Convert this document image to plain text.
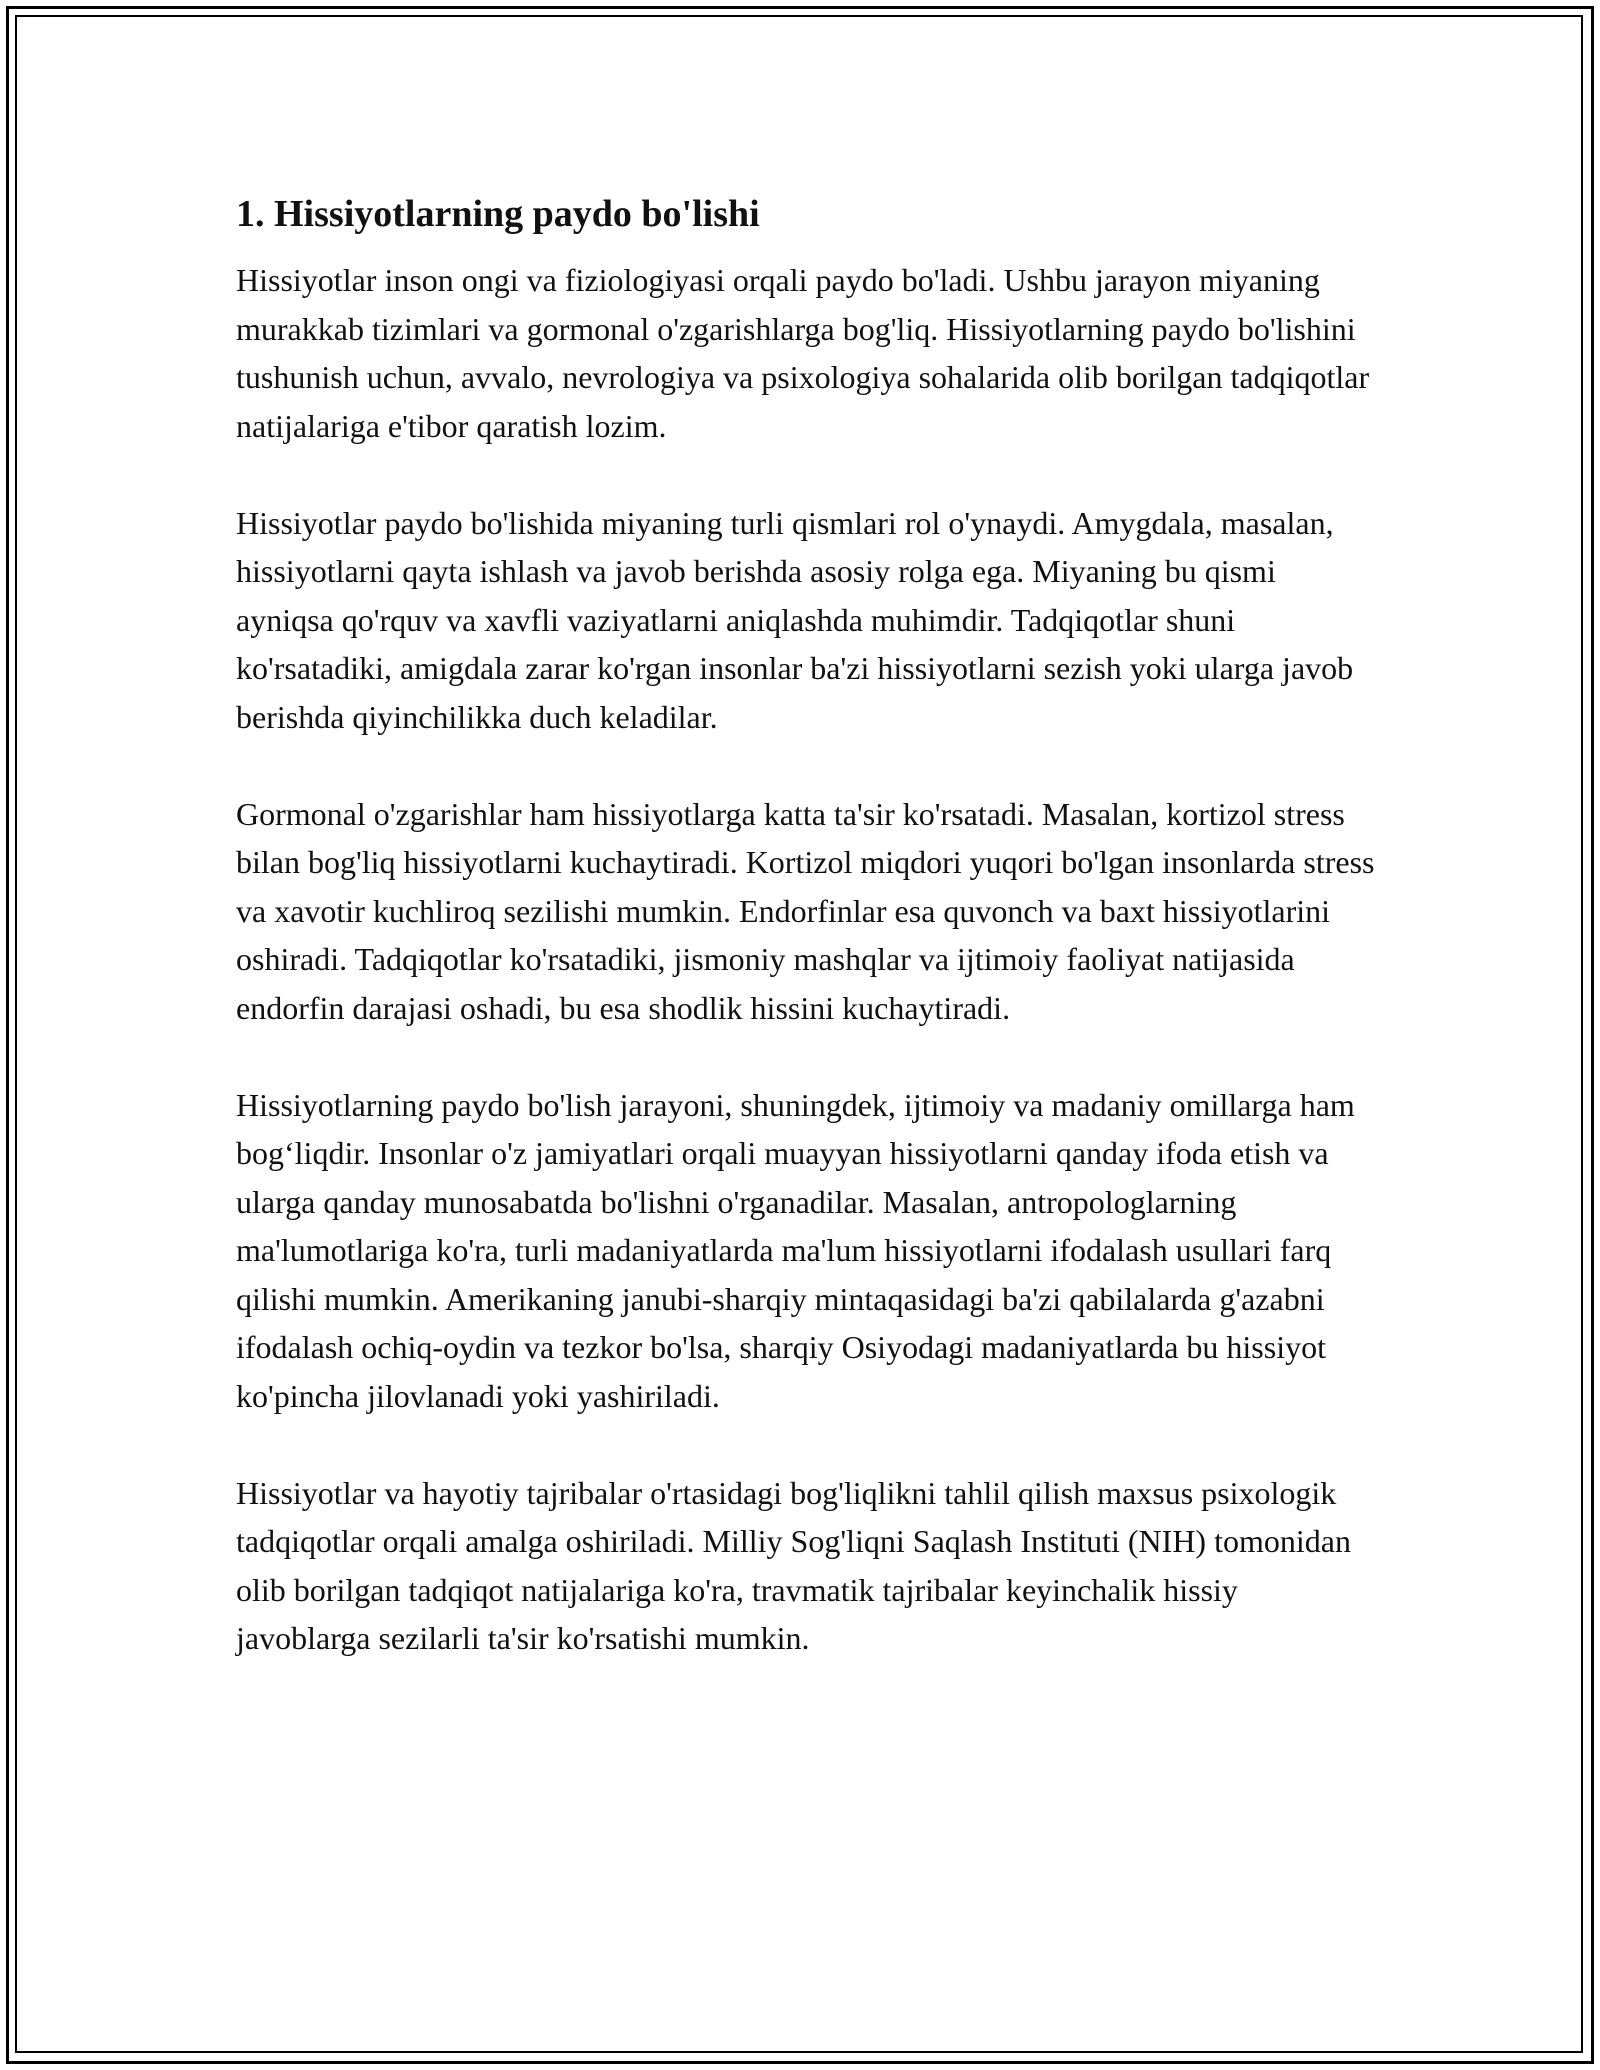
1. Hissiyotlarning paydo bo'lishi

Hissiyotlar inson ongi va fiziologiyasi orqali paydo bo'ladi. Ushbu jarayon miyaning murakkab tizimlari va gormonal o'zgarishlarga bog'liq. Hissiyotlarning paydo bo'lishini tushunish uchun, avvalo, nevrologiya va psixologiya sohalarida olib borilgan tadqiqotlar natijalariga e'tibor qaratish lozim.

Hissiyotlar paydo bo'lishida miyaning turli qismlari rol o'ynaydi. Amygdala, masalan, hissiyotlarni qayta ishlash va javob berishda asosiy rolga ega. Miyaning bu qismi ayniqsa qo'rquv va xavfli vaziyatlarni aniqlashda muhimdir. Tadqiqotlar shuni ko'rsatadiki, amigdala zarar ko'rgan insonlar ba'zi hissiyotlarni sezish yoki ularga javob berishda qiyinchilikka duch keladilar.

Gormonal o'zgarishlar ham hissiyotlarga katta ta'sir ko'rsatadi. Masalan, kortizol stress bilan bog'liq hissiyotlarni kuchaytiradi. Kortizol miqdori yuqori bo'lgan insonlarda stress va xavotir kuchliroq sezilishi mumkin. Endorfinlar esa quvonch va baxt hissiyotlarini oshiradi. Tadqiqotlar ko'rsatadiki, jismoniy mashqlar va ijtimoiy faoliyat natijasida endorfin darajasi oshadi, bu esa shodlik hissini kuchaytiradi.

Hissiyotlarning paydo bo'lish jarayoni, shuningdek, ijtimoiy va madaniy omillarga ham bog‘liqdir. Insonlar o'z jamiyatlari orqali muayyan hissiyotlarni qanday ifoda etish va ularga qanday munosabatda bo'lishni o'rganadilar. Masalan, antropologlarning ma'lumotlariga ko'ra, turli madaniyatlarda ma'lum hissiyotlarni ifodalash usullari farq qilishi mumkin. Amerikaning janubi-sharqiy mintaqasidagi ba'zi qabilalarda g'azabni ifodalash ochiq-oydin va tezkor bo'lsa, sharqiy Osiyodagi madaniyatlarda bu hissiyot ko'pincha jilovlanadi yoki yashiriladi.

Hissiyotlar va hayotiy tajribalar o'rtasidagi bog'liqlikni tahlil qilish maxsus psixologik tadqiqotlar orqali amalga oshiriladi. Milliy Sog'liqni Saqlash Instituti (NIH) tomonidan olib borilgan tadqiqot natijalariga ko'ra, travmatik tajribalar keyinchalik hissiy javoblarga sezilarli ta'sir ko'rsatishi mumkin.
